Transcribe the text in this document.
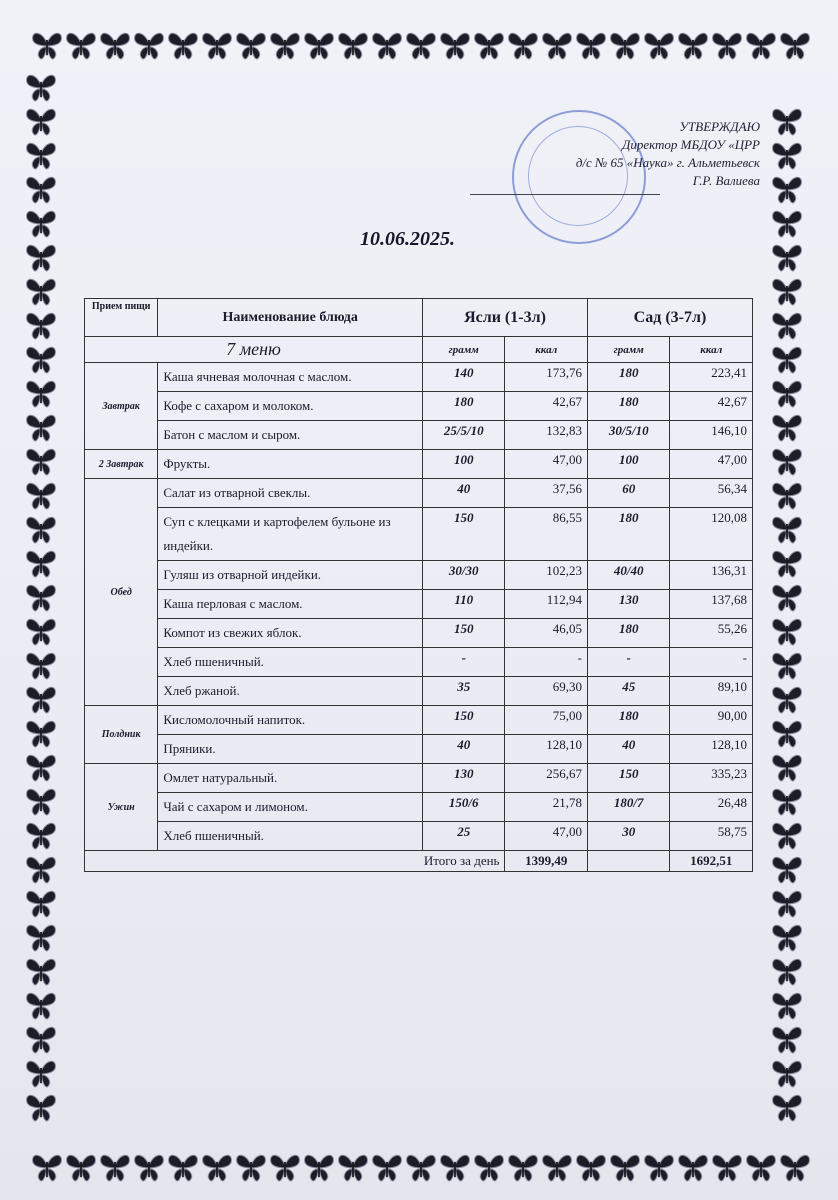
УТВЕРЖДАЮ
Директор МБДОУ «ЦРР
д/с № 65 «Наука» г. Альметьевск
Г.Р. Валиева
10.06.2025.
Прием пищи	Наименование блюда	Ясли (1-3л)		Сад (3-7л)	
7 меню		грамм	ккал	грамм	ккал
Завтрак	Каша ячневая молочная с маслом.	140	173,76	180	223,41
	Кофе с сахаром и молоком.	180	42,67	180	42,67
	Батон с маслом и сыром.	25/5/10	132,83	30/5/10	146,10
2 Завтрак	Фрукты.	100	47,00	100	47,00
Обед	Салат из отварной свеклы.	40	37,56	60	56,34
	Суп с клецками и картофелем бульоне из индейки.	150	86,55	180	120,08
	Гуляш из отварной индейки.	30/30	102,23	40/40	136,31
	Каша перловая с маслом.	110	112,94	130	137,68
	Компот из свежих яблок.	150	46,05	180	55,26
	Хлеб пшеничный.	-	-	-	-
	Хлеб ржаной.	35	69,30	45	89,10
Полдник	Кисломолочный напиток.	150	75,00	180	90,00
	Пряники.	40	128,10	40	128,10
Ужин	Омлет натуральный.	130	256,67	150	335,23
	Чай с сахаром и лимоном.	150/6	21,78	180/7	26,48
	Хлеб пшеничный.	25	47,00	30	58,75
Итого за день			1399,49		1692,51
